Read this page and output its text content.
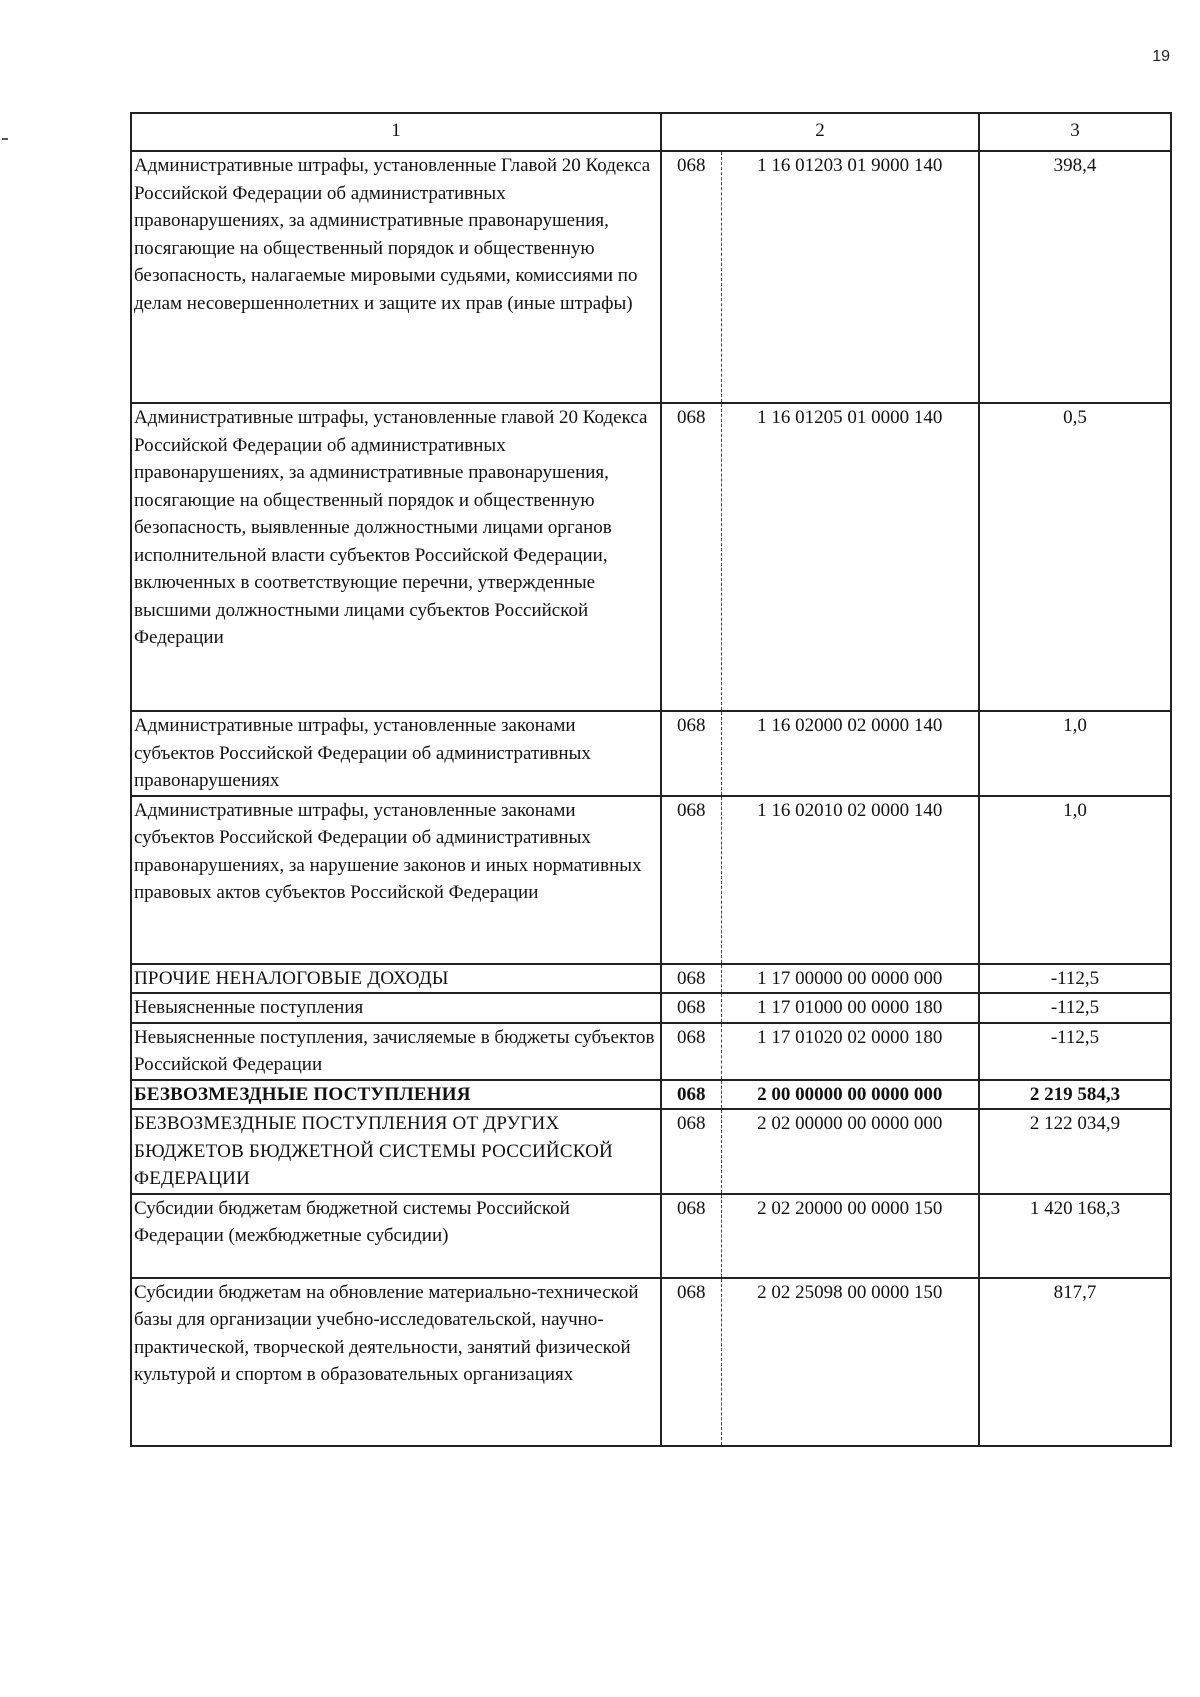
19
1	2		3
Административные штрафы, установленные Главой 20 Кодекса Российской Федерации об административных правонарушениях, за административные правонарушения, посягающие на общественный порядок и общественную безопасность, налагаемые мировыми судьями, комиссиями по делам несовершеннолетних и защите их прав (иные штрафы)	068	1 16 01203 01 9000 140	398,4
Административные штрафы, установленные главой 20 Кодекса Российской Федерации об административных правонарушениях, за административные правонарушения, посягающие на общественный порядок и общественную безопасность, выявленные должностными лицами органов исполнительной власти субъектов Российской Федерации, включенных в соответствующие перечни, утвержденные высшими должностными лицами субъектов Российской Федерации	068	1 16 01205 01 0000 140	0,5
Административные штрафы, установленные законами субъектов Российской Федерации об административных правонарушениях	068	1 16 02000 02 0000 140	1,0
Административные штрафы, установленные законами субъектов Российской Федерации об административных правонарушениях, за нарушение законов и иных нормативных правовых актов субъектов Российской Федерации	068	1 16 02010 02 0000 140	1,0
ПРОЧИЕ НЕНАЛОГОВЫЕ ДОХОДЫ	068	1 17 00000 00 0000 000	-112,5
Невыясненные поступления	068	1 17 01000 00 0000 180	-112,5
Невыясненные поступления, зачисляемые в бюджеты субъектов Российской Федерации	068	1 17 01020 02 0000 180	-112,5
БЕЗВОЗМЕЗДНЫЕ ПОСТУПЛЕНИЯ	068	2 00 00000 00 0000 000	2 219 584,3
БЕЗВОЗМЕЗДНЫЕ ПОСТУПЛЕНИЯ ОТ ДРУГИХ БЮДЖЕТОВ БЮДЖЕТНОЙ СИСТЕМЫ РОССИЙСКОЙ ФЕДЕРАЦИИ	068	2 02 00000 00 0000 000	2 122 034,9
Субсидии бюджетам бюджетной системы Российской Федерации (межбюджетные субсидии)	068	2 02 20000 00 0000 150	1 420 168,3
Субсидии бюджетам на обновление материально-технической базы для организации учебно-исследовательской, научно-практической, творческой деятельности, занятий физической культурой и спортом в образовательных организациях	068	2 02 25098 00 0000 150	817,7
